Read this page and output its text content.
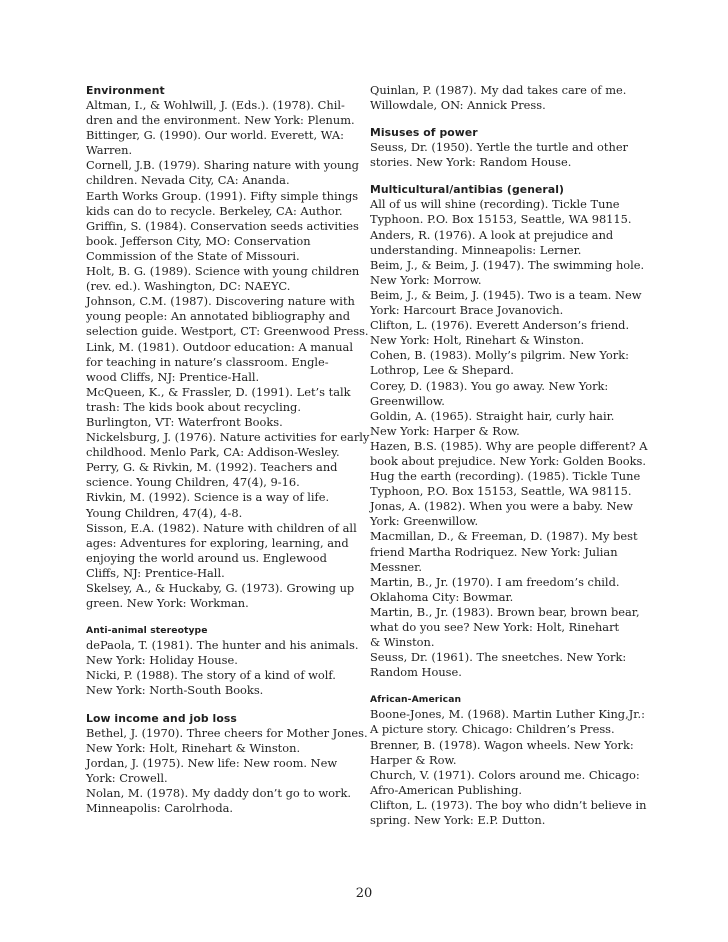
Environment
Altman, I., & Wohlwill, J. (Eds.). (1978). Chil-
dren and the environment. New York: Plenum.
Bittinger, G. (1990). Our world. Everett, WA:
Warren.
Cornell, J.B. (1979). Sharing nature with young
children. Nevada City, CA: Ananda.
Earth Works Group. (1991). Fifty simple things
kids can do to recycle. Berkeley, CA: Author.
Griffin, S. (1984). Conservation seeds activities
book. Jefferson City, MO: Conservation
Commission of the State of Missouri.
Holt, B. G. (1989). Science with young children
(rev. ed.). Washington, DC: NAEYC.
Johnson, C.M. (1987). Discovering nature with
young people: An annotated bibliography and
selection guide. Westport, CT: Greenwood Press.
Link, M. (1981). Outdoor education: A manual
for teaching in nature’s classroom. Engle-
wood Cliffs, NJ: Prentice-Hall.
McQueen, K., & Frassler, D. (1991). Let’s talk
trash: The kids book about recycling.
Burlington, VT: Waterfront Books.
Nickelsburg, J. (1976). Nature activities for early
childhood. Menlo Park, CA: Addison-Wesley.
Perry, G. & Rivkin, M. (1992). Teachers and
science. Young Children, 47(4), 9-16.
Rivkin, M. (1992). Science is a way of life.
Young Children, 47(4), 4-8.
Sisson, E.A. (1982). Nature with children of all
ages: Adventures for exploring, learning, and
enjoying the world around us. Englewood
Cliffs, NJ: Prentice-Hall.
Skelsey, A., & Huckaby, G. (1973). Growing up
green. New York: Workman.
Anti-animal stereotype
dePaola, T. (1981). The hunter and his animals.
New York: Holiday House.
Nicki, P. (1988). The story of a kind of wolf.
New York: North-South Books.
Low income and job loss
Bethel, J. (1970). Three cheers for Mother Jones.
New York: Holt, Rinehart & Winston.
Jordan, J. (1975). New life: New room. New
York: Crowell.
Nolan, M. (1978). My daddy don’t go to work.
Minneapolis: Carolrhoda.
Quinlan, P. (1987). My dad takes care of me.
Willowdale, ON: Annick Press.
Misuses of power
Seuss, Dr. (1950). Yertle the turtle and other
stories. New York: Random House.
Multicultural/antibias (general)
All of us will shine (recording). Tickle Tune
Typhoon. P.O. Box 15153, Seattle, WA 98115.
Anders, R. (1976). A look at prejudice and
understanding. Minneapolis: Lerner.
Beim, J., & Beim, J. (1947). The swimming hole.
New York: Morrow.
Beim, J., & Beim, J. (1945). Two is a team. New
York: Harcourt Brace Jovanovich.
Clifton, L. (1976). Everett Anderson’s friend.
New York: Holt, Rinehart & Winston.
Cohen, B. (1983). Molly’s pilgrim. New York:
Lothrop, Lee & Shepard.
Corey, D. (1983). You go away. New York:
Greenwillow.
Goldin, A. (1965). Straight hair, curly hair.
New York: Harper & Row.
Hazen, B.S. (1985). Why are people different? A
book about prejudice. New York: Golden Books.
Hug the earth (recording). (1985). Tickle Tune
Typhoon, P.O. Box 15153, Seattle, WA 98115.
Jonas, A. (1982). When you were a baby. New
York: Greenwillow.
Macmillan, D., & Freeman, D. (1987). My best
friend Martha Rodriquez. New York: Julian
Messner.
Martin, B., Jr. (1970). I am freedom’s child.
Oklahoma City: Bowmar.
Martin, B., Jr. (1983). Brown bear, brown bear,
what do you see? New York: Holt, Rinehart
& Winston.
Seuss, Dr. (1961). The sneetches. New York:
Random House.
African-American
Boone-Jones, M. (1968). Martin Luther King,Jr.:
A picture story. Chicago: Children’s Press.
Brenner, B. (1978). Wagon wheels. New York:
Harper & Row.
Church, V. (1971). Colors around me. Chicago:
Afro-American Publishing.
Clifton, L. (1973). The boy who didn’t believe in
spring. New York: E.P. Dutton.
20
